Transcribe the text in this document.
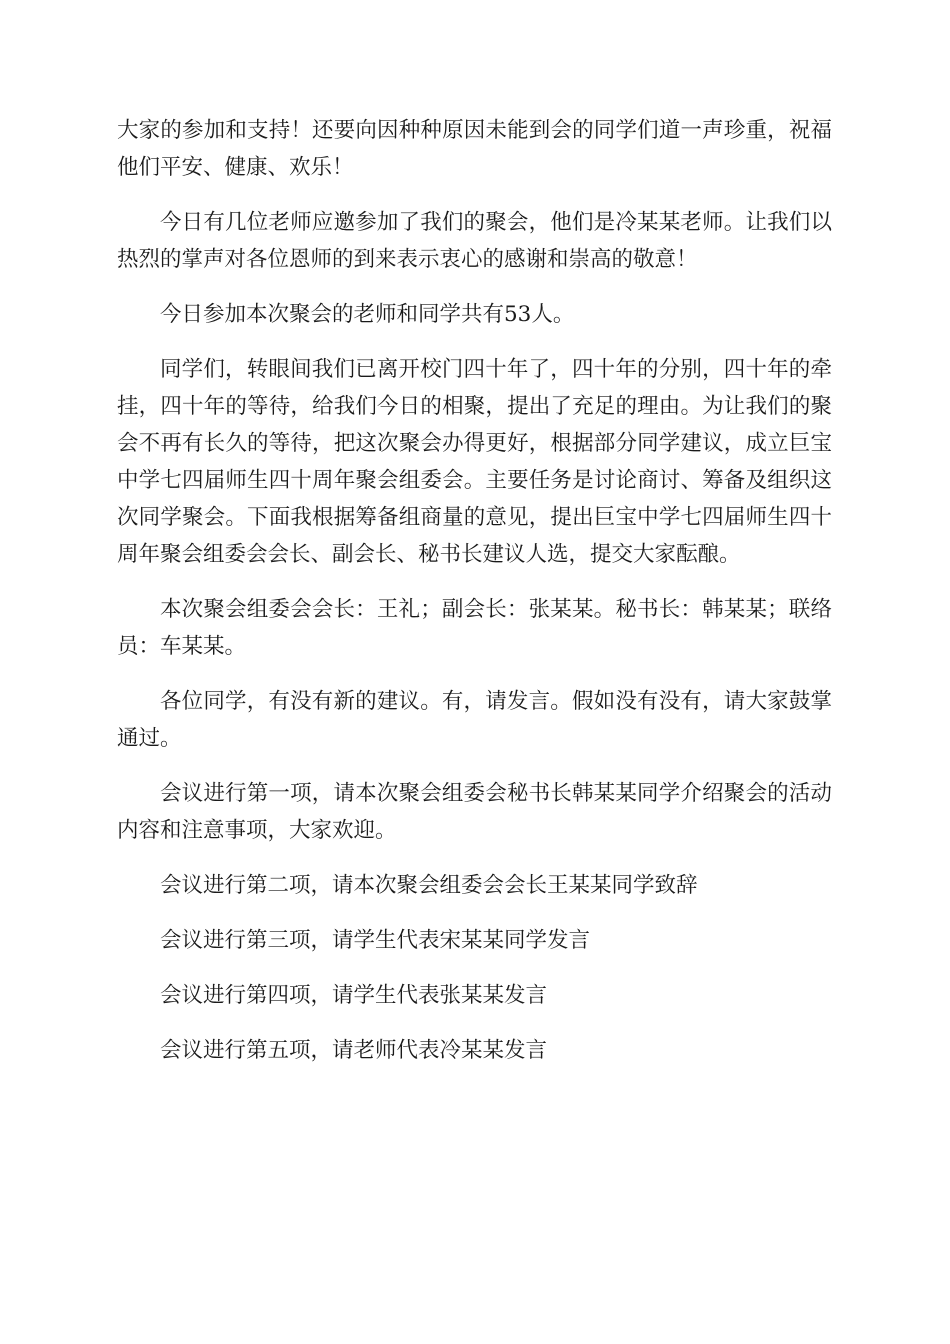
大家的参加和支持！还要向因种种原因未能到会的同学们道一声珍重，祝福他们平安、健康、欢乐！

今日有几位老师应邀参加了我们的聚会，他们是冷某某老师。让我们以热烈的掌声对各位恩师的到来表示衷心的感谢和崇高的敬意！

今日参加本次聚会的老师和同学共有53人。

同学们，转眼间我们已离开校门四十年了，四十年的分别，四十年的牵挂，四十年的等待，给我们今日的相聚，提出了充足的理由。为让我们的聚会不再有长久的等待，把这次聚会办得更好，根据部分同学建议，成立巨宝中学七四届师生四十周年聚会组委会。主要任务是讨论商讨、筹备及组织这次同学聚会。下面我根据筹备组商量的意见，提出巨宝中学七四届师生四十周年聚会组委会会长、副会长、秘书长建议人选，提交大家酝酿。

本次聚会组委会会长：王礼；副会长：张某某。秘书长：韩某某；联络员：车某某。

各位同学，有没有新的建议。有，请发言。假如没有没有，请大家鼓掌通过。

会议进行第一项，请本次聚会组委会秘书长韩某某同学介绍聚会的活动内容和注意事项，大家欢迎。

会议进行第二项，请本次聚会组委会会长王某某同学致辞

会议进行第三项，请学生代表宋某某同学发言

会议进行第四项，请学生代表张某某发言

会议进行第五项，请老师代表冷某某发言
